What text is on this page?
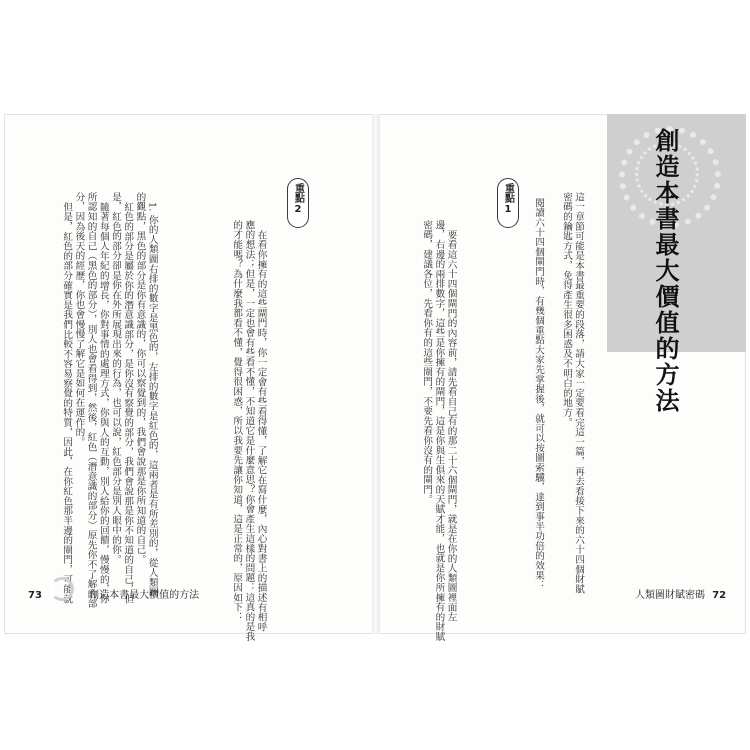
創造本書最大價值的方法
這一章節可能是本書最重要的段落，請大家一定要看完這一篇，再去看接下來的六十四個財賦
密碼的鑰匙方式，免得產生很多困惑及不明白的地方。
閱讀六十四個閘門時，有幾個重點大家先掌握後，就可以按圖索驥，達到事半功倍的效果：
重點
1

要看這六十四個閘門的內容前，請先看自己有的那二十六個閘門，就是在你的人類圖裡面左

邊，右邊的兩排數字，這些是你擁有的閘門，這是你與生俱來的天賦才能，也就是你所擁有的財賦

密碼，建議各位，先看你有的這些閘門，不要先看你沒有的閘門。

人類圖財賦密碼 72
重點
2

在看你擁有的這些閘門時，你一定會有些看得懂，了解它在寫什麼，內心對書上的描述有相呼

應的想法；但是，一定也會有些看不懂，不知道它是什麼意思？你會產生這樣的問題：這真的是我

的才能嗎？為什麼我都看不懂，覺得很困惑，所以我要先讓你知道，這是正常的，原因如下：

1. 你的人類圖右排的數字是黑色的，左排的數字是紅色的，這兩者是有所差別的，從人類圖

的觀點，黑色的部分是你有意識的，你可以察覺到的，我們會說那是你所知道的自己。

紅色的部分是屬於你的潛意識部分，是你沒有察覺的部分，我們會說那是你不知道的自己，但

是，紅色的部分卻是你在外所展現出來的行為，也可以說，紅色部分是別人眼中的你。

隨著每個人年紀的增長，你對事情的處理方式，你與人的互動，別人給你的回饋，慢慢的，你

所認知的自己（黑色的部分），別人也會看得到，然後，紅色（潛意識的部分）原先你不了解的部

分，因為後天的經歷，你也會慢慢了解它是如何在運作的。

但是，紅色的部分確實是我們比較不容易察覺的特質，因此，在你紅色那半邊的閘門，可能就

73	創造本書最大價值的方法
